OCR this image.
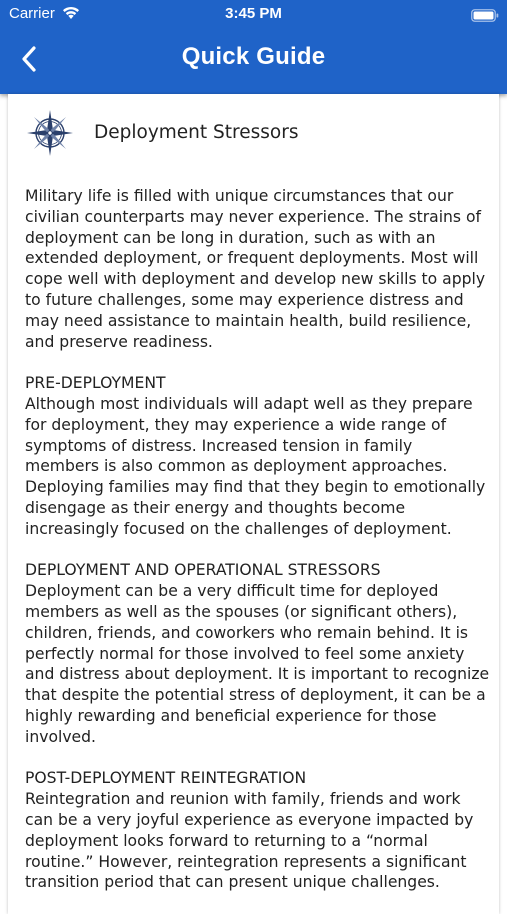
Carrier	3:45 PM
Quick Guide
Deployment Stressors

Military life is filled with unique circumstances that our civilian counterparts may never experience. The strains of deployment can be long in duration, such as with an extended deployment, or frequent deployments. Most will cope well with deployment and develop new skills to apply to future challenges, some may experience distress and may need assistance to maintain health, build resilience, and preserve readiness.

PRE-DEPLOYMENT

Although most individuals will adapt well as they prepare for deployment, they may experience a wide range of symptoms of distress. Increased tension in family members is also common as deployment approaches. Deploying families may find that they begin to emotionally disengage as their energy and thoughts become increasingly focused on the challenges of deployment.

DEPLOYMENT AND OPERATIONAL STRESSORS

Deployment can be a very difficult time for deployed members as well as the spouses (or significant others), children, friends, and coworkers who remain behind. It is perfectly normal for those involved to feel some anxiety and distress about deployment. It is important to recognize that despite the potential stress of deployment, it can be a highly rewarding and beneficial experience for those involved.

POST-DEPLOYMENT REINTEGRATION

Reintegration and reunion with family, friends and work can be a very joyful experience as everyone impacted by deployment looks forward to returning to a “normal routine.” However, reintegration represents a significant transition period that can present unique challenges.
